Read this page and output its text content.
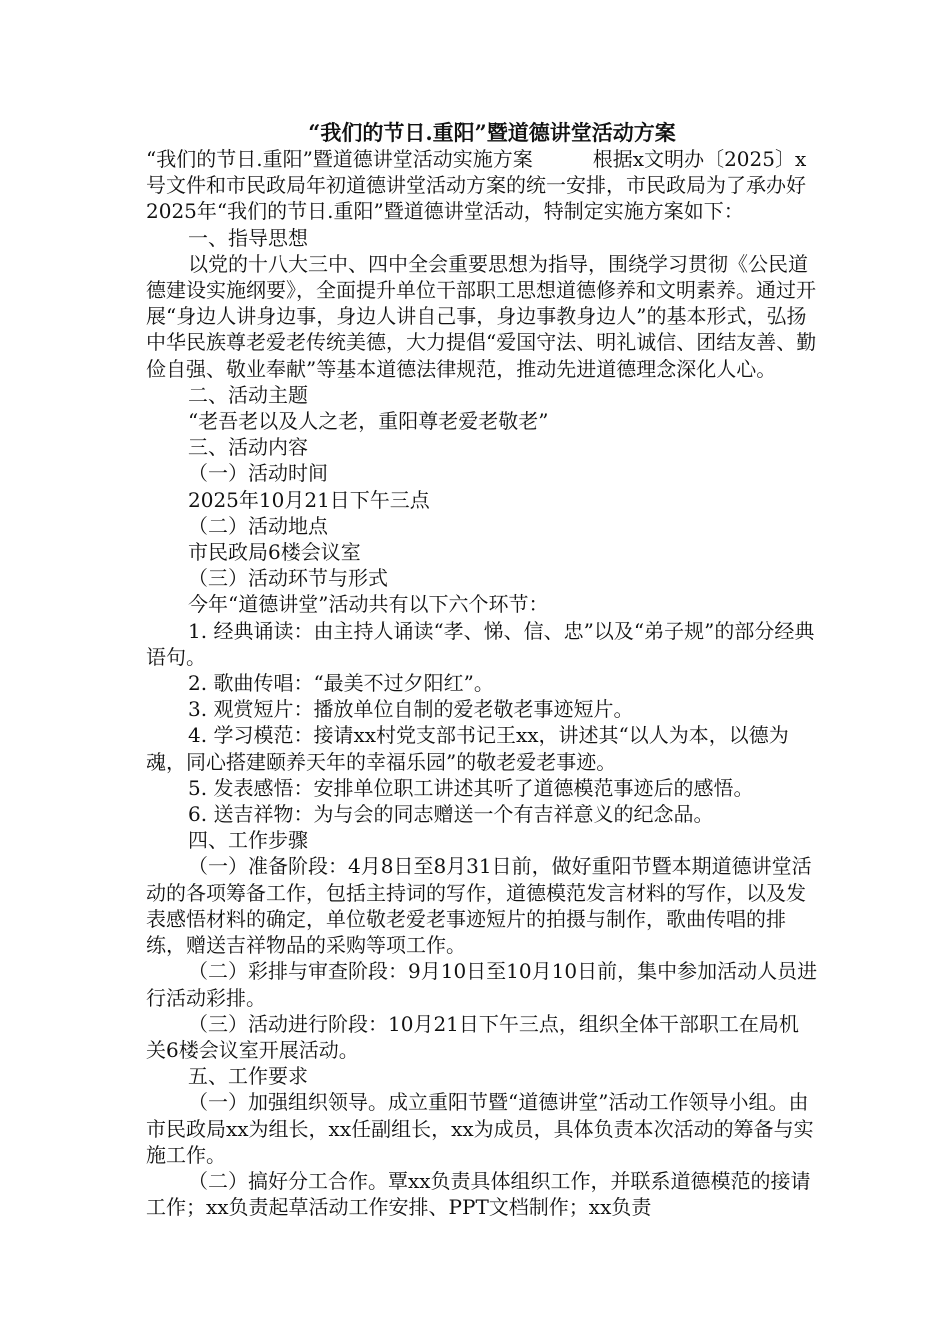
“我们的节日.重阳”暨道德讲堂活动方案

“我们的节日.重阳”暨道德讲堂活动实施方案　　　根据x文明办〔2025〕x号文件和市民政局年初道德讲堂活动方案的统一安排，市民政局为了承办好2025年“我们的节日.重阳”暨道德讲堂活动，特制定实施方案如下：

一、指导思想

以党的十八大三中、四中全会重要思想为指导，围绕学习贯彻《公民道德建设实施纲要》，全面提升单位干部职工思想道德修养和文明素养。通过开展“身边人讲身边事，身边人讲自己事，身边事教身边人”的基本形式，弘扬中华民族尊老爱老传统美德，大力提倡“爱国守法、明礼诚信、团结友善、勤俭自强、敬业奉献”等基本道德法律规范，推动先进道德理念深化人心。

二、活动主题

“老吾老以及人之老，重阳尊老爱老敬老”

三、活动内容

（一）活动时间

2025年10月21日下午三点

（二）活动地点

市民政局6楼会议室

（三）活动环节与形式

今年“道德讲堂”活动共有以下六个环节：

1. 经典诵读：由主持人诵读“孝、悌、信、忠”以及“弟子规”的部分经典语句。

2. 歌曲传唱：“最美不过夕阳红”。

3. 观赏短片：播放单位自制的爱老敬老事迹短片。

4. 学习模范：接请xx村党支部书记王xx，讲述其“以人为本，以德为魂，同心搭建颐养天年的幸福乐园”的敬老爱老事迹。

5. 发表感悟：安排单位职工讲述其听了道德模范事迹后的感悟。

6. 送吉祥物：为与会的同志赠送一个有吉祥意义的纪念品。

四、工作步骤

（一）准备阶段：4月8日至8月31日前，做好重阳节暨本期道德讲堂活动的各项筹备工作，包括主持词的写作，道德模范发言材料的写作，以及发表感悟材料的确定，单位敬老爱老事迹短片的拍摄与制作，歌曲传唱的排练，赠送吉祥物品的采购等项工作。

（二）彩排与审查阶段：9月10日至10月10日前，集中参加活动人员进行活动彩排。

（三）活动进行阶段：10月21日下午三点，组织全体干部职工在局机关6楼会议室开展活动。

五、工作要求

（一）加强组织领导。成立重阳节暨“道德讲堂”活动工作领导小组。由市民政局xx为组长，xx任副组长，xx为成员，具体负责本次活动的筹备与实施工作。

（二）搞好分工合作。覃xx负责具体组织工作，并联系道德模范的接请工作；xx负责起草活动工作安排、PPT文档制作；xx负责
